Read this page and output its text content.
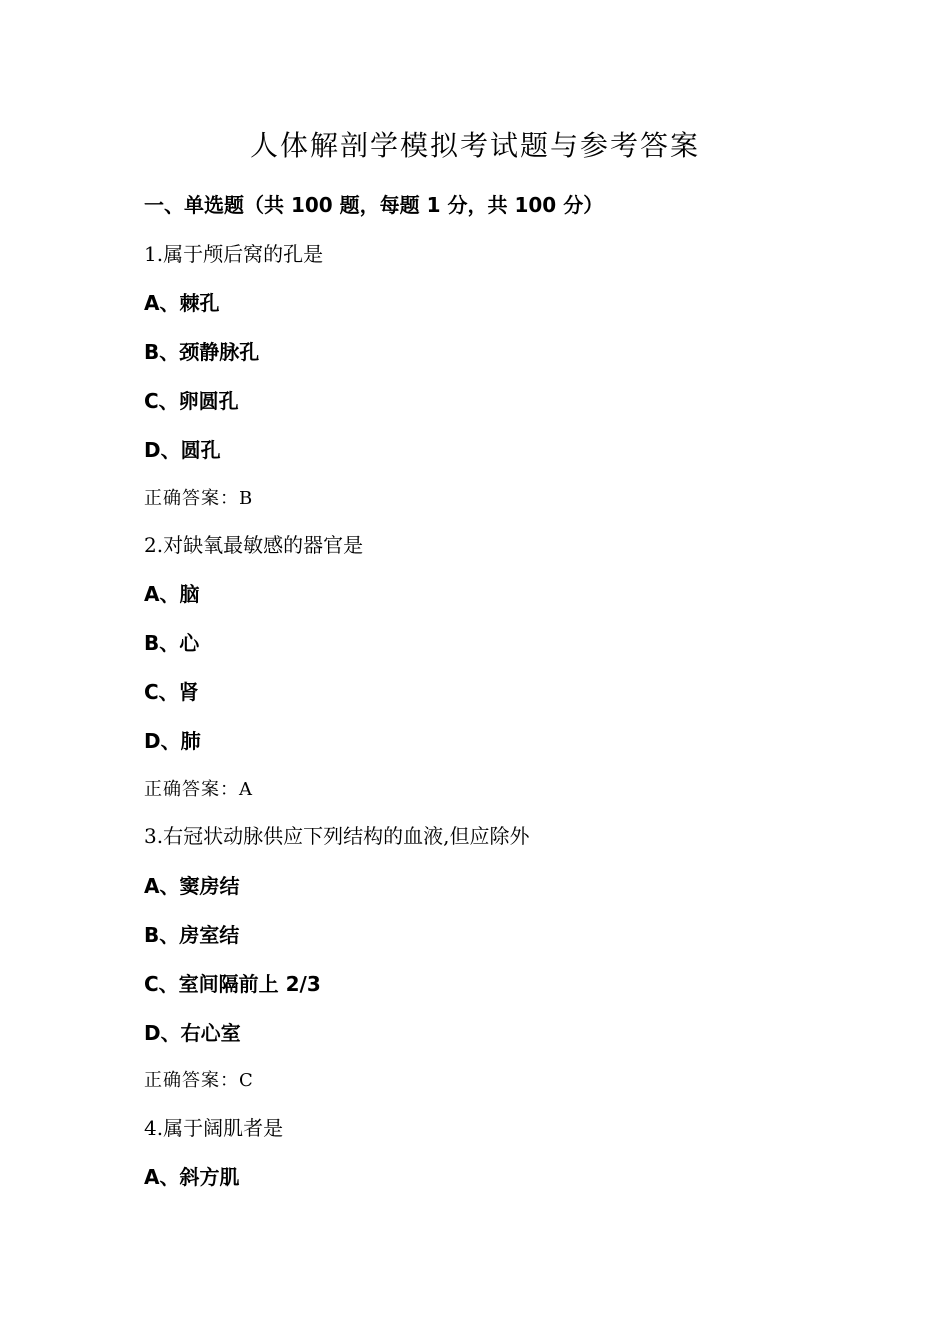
人体解剖学模拟考试题与参考答案
一、单选题（共 100 题，每题 1 分，共 100 分）
1.属于颅后窝的孔是
A、棘孔
B、颈静脉孔
C、卵圆孔
D、圆孔
正确答案：B
2.对缺氧最敏感的器官是
A、脑
B、心
C、肾
D、肺
正确答案：A
3.右冠状动脉供应下列结构的血液,但应除外
A、窦房结
B、房室结
C、室间隔前上 2/3
D、右心室
正确答案：C
4.属于阔肌者是
A、斜方肌
